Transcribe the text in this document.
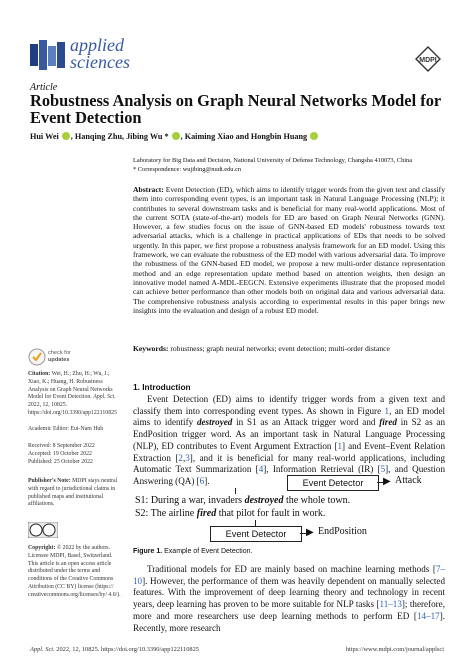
applied
sciences	MDPI
Article
Robustness Analysis on Graph Neural Networks Model for Event Detection
Hui Wei , Hanqing Zhu, Jibing Wu * , Kaiming Xiao and Hongbin Huang
Laboratory for Big Data and Decision, National University of Defense Technology, Changsha 410073, China
* Correspondence: wujibing@nudt.edu.cn
Abstract: Event Detection (ED), which aims to identify trigger words from the given text and classify them into corresponding event types, is an important task in Natural Language Processing (NLP); it contributes to several downstream tasks and is beneficial for many real-world applications. Most of the current SOTA (state-of-the-art) models for ED are based on Graph Neural Networks (GNN). However, a few studies focus on the issue of GNN-based ED models' robustness towards text adversarial attacks, which is a challenge in practical applications of EDs that needs to be solved urgently. In this paper, we first propose a robustness analysis framework for an ED model. Using this framework, we can evaluate the robustness of the ED model with various adversarial data. To improve the robustness of the GNN-based ED model, we propose a new multi-order distance representation method and an edge representation update method based on attention weights, then design an innovative model named A-MDL-EEGCN. Extensive experiments illustrate that the proposed model can achieve better performance than other models both on original data and various adversarial data. The comprehensive robustness analysis according to experimental results in this paper brings new insights into the evaluation and design of a robust ED model.
Keywords: robustness; graph neural networks; event detection; multi-order distance
check for
updates
Citation: Wei, H.; Zhu, H.; Wu, J.; Xiao, K.; Huang, H. Robustness Analysis on Graph Neural Networks Model for Event Detection. Appl. Sci. 2022, 12, 10825. https://doi.org/10.3390/app122110825
Academic Editor: Eui-Nam Huh
Received: 8 September 2022
Accepted: 19 October 2022
Published: 25 October 2022
Publisher's Note: MDPI stays neutral with regard to jurisdictional claims in published maps and institutional affiliations.
Copyright: © 2022 by the authors. Licensee MDPI, Basel, Switzerland. This article is an open access article distributed under the terms and conditions of the Creative Commons Attribution (CC BY) license (https:// creativecommons.org/licenses/by/ 4.0/).
1. Introduction
Event Detection (ED) aims to identify trigger words from a given text and classify them into corresponding event types. As shown in Figure 1, an ED model aims to identify destroyed in S1 as an Attack trigger word and fired in S2 as an EndPosition trigger word. As an important task in Natural Language Processing (NLP), ED contributes to Event Argument Extraction [1] and Event–Event Relation Extraction [2,3], and it is beneficial for many real-world applications, including Automatic Text Summarization [4], Information Retrieval (IR) [5], and Question Answering (QA) [6].	Event Detector	▶ Attack
S1: During a war, invaders destroyed the whole town.
S2: The airline fired that pilot for fault in work.
Event Detector	▶ EndPosition
Figure 1. Example of Event Detection.
Traditional models for ED are mainly based on machine learning methods [7–10]. However, the performance of them was heavily dependent on manually selected features. With the improvement of deep learning theory and technology in recent years, deep learning has proven to be more suitable for NLP tasks [11–13]; therefore, more and more researchers use deep learning methods to perform ED [14–17]. Recently, more research
Appl. Sci. 2022, 12, 10825. https://doi.org/10.3390/app122110825	https://www.mdpi.com/journal/applsci
